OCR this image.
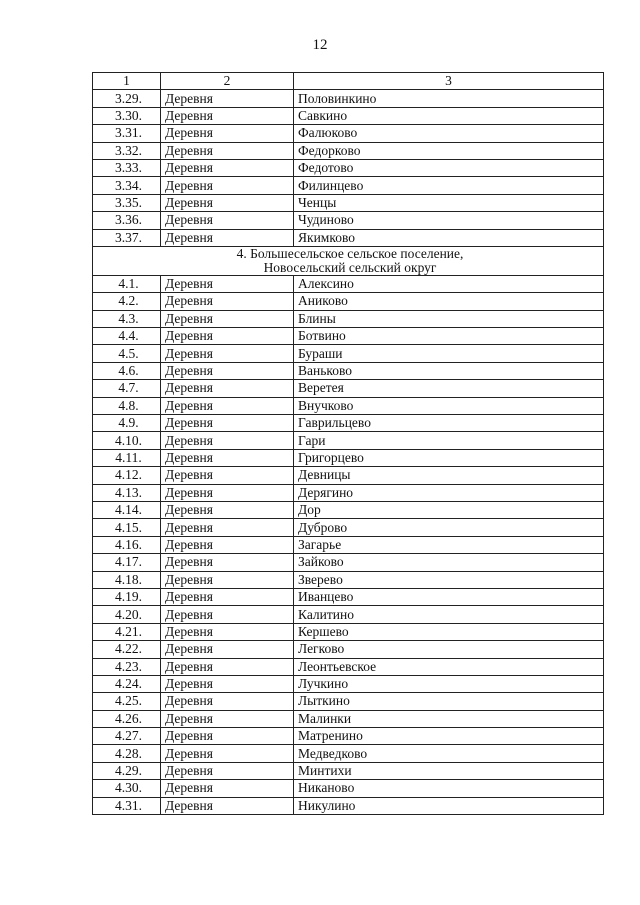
12
1	2	3
3.29.	Деревня	Половинкино
3.30.	Деревня	Савкино
3.31.	Деревня	Фалюково
3.32.	Деревня	Федорково
3.33.	Деревня	Федотово
3.34.	Деревня	Филинцево
3.35.	Деревня	Ченцы
3.36.	Деревня	Чудиново
3.37.	Деревня	Якимково

4. Большесельское сельское поселение,
Новосельский сельский округ		

4.1.	Деревня	Алексино
4.2.	Деревня	Аниково
4.3.	Деревня	Блины
4.4.	Деревня	Ботвино
4.5.	Деревня	Бураши
4.6.	Деревня	Ваньково
4.7.	Деревня	Веретея
4.8.	Деревня	Внучково
4.9.	Деревня	Гаврильцево
4.10.	Деревня	Гари
4.11.	Деревня	Григорцево
4.12.	Деревня	Девницы
4.13.	Деревня	Дерягино
4.14.	Деревня	Дор
4.15.	Деревня	Дуброво
4.16.	Деревня	Загарье
4.17.	Деревня	Зайково
4.18.	Деревня	Зверево
4.19.	Деревня	Иванцево
4.20.	Деревня	Калитино
4.21.	Деревня	Кершево
4.22.	Деревня	Легково
4.23.	Деревня	Леонтьевское
4.24.	Деревня	Лучкино
4.25.	Деревня	Лыткино
4.26.	Деревня	Малинки
4.27.	Деревня	Матренино
4.28.	Деревня	Медведково
4.29.	Деревня	Минтихи
4.30.	Деревня	Никаново
4.31.	Деревня	Никулино
